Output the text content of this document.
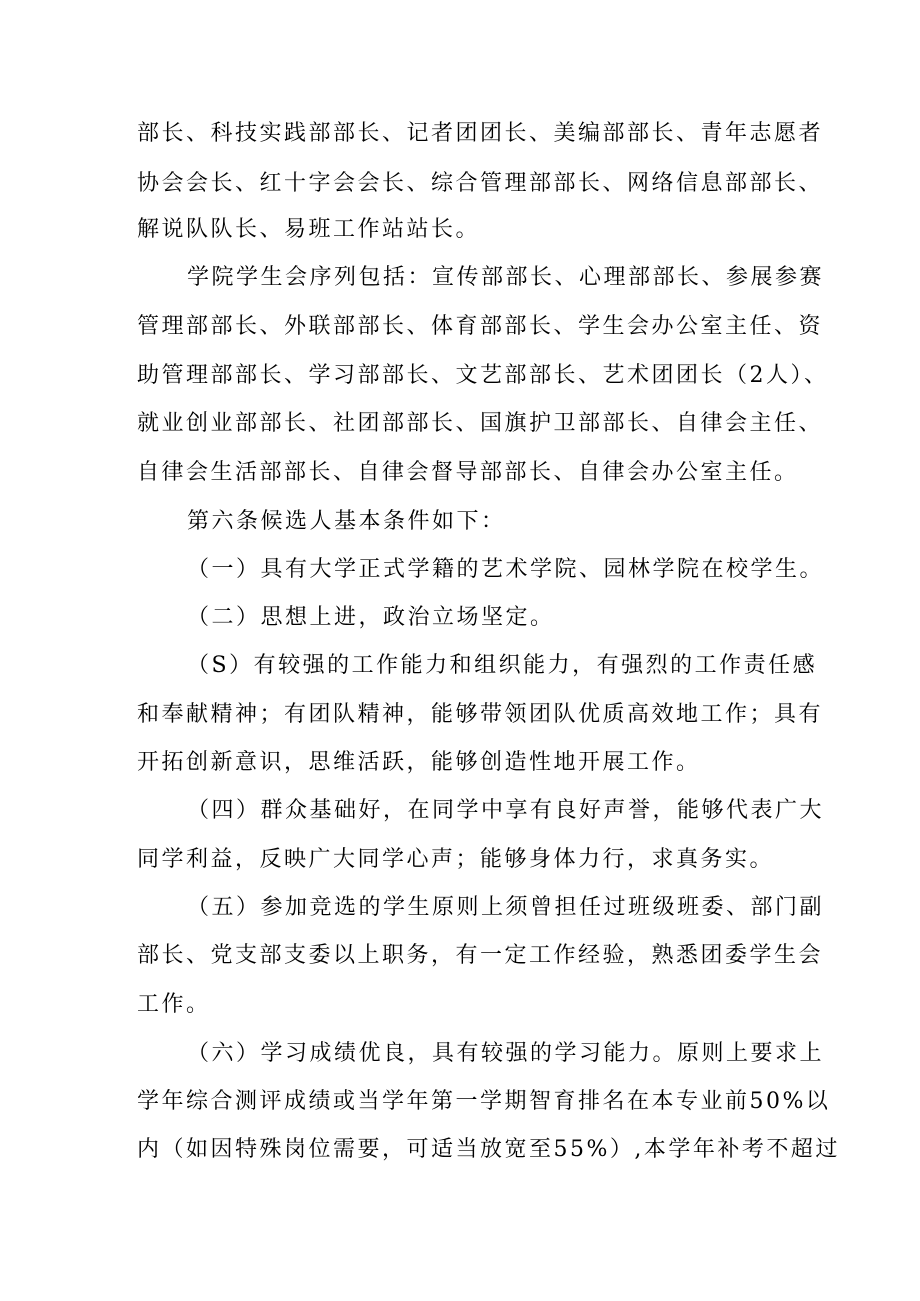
部长、科技实践部部长、记者团团长、美编部部长、青年志愿者

协会会长、红十字会会长、综合管理部部长、网络信息部部长、

解说队队长、易班工作站站长。

学院学生会序列包括：宣传部部长、心理部部长、参展参赛

管理部部长、外联部部长、体育部部长、学生会办公室主任、资

助管理部部长、学习部部长、文艺部部长、艺术团团长（2人）、

就业创业部部长、社团部部长、国旗护卫部部长、自律会主任、

自律会生活部部长、自律会督导部部长、自律会办公室主任。

第六条候选人基本条件如下：

（一）具有大学正式学籍的艺术学院、园林学院在校学生。

（二）思想上进，政治立场坚定。

（S）有较强的工作能力和组织能力，有强烈的工作责任感

和奉献精神；有团队精神，能够带领团队优质高效地工作；具有

开拓创新意识，思维活跃，能够创造性地开展工作。

（四）群众基础好，在同学中享有良好声誉，能够代表广大

同学利益，反映广大同学心声；能够身体力行，求真务实。

（五）参加竞选的学生原则上须曾担任过班级班委、部门副

部长、党支部支委以上职务，有一定工作经验，熟悉团委学生会

工作。

（六）学习成绩优良，具有较强的学习能力。原则上要求上

学年综合测评成绩或当学年第一学期智育排名在本专业前50%以

内（如因特殊岗位需要，可适当放宽至55%）,本学年补考不超过
